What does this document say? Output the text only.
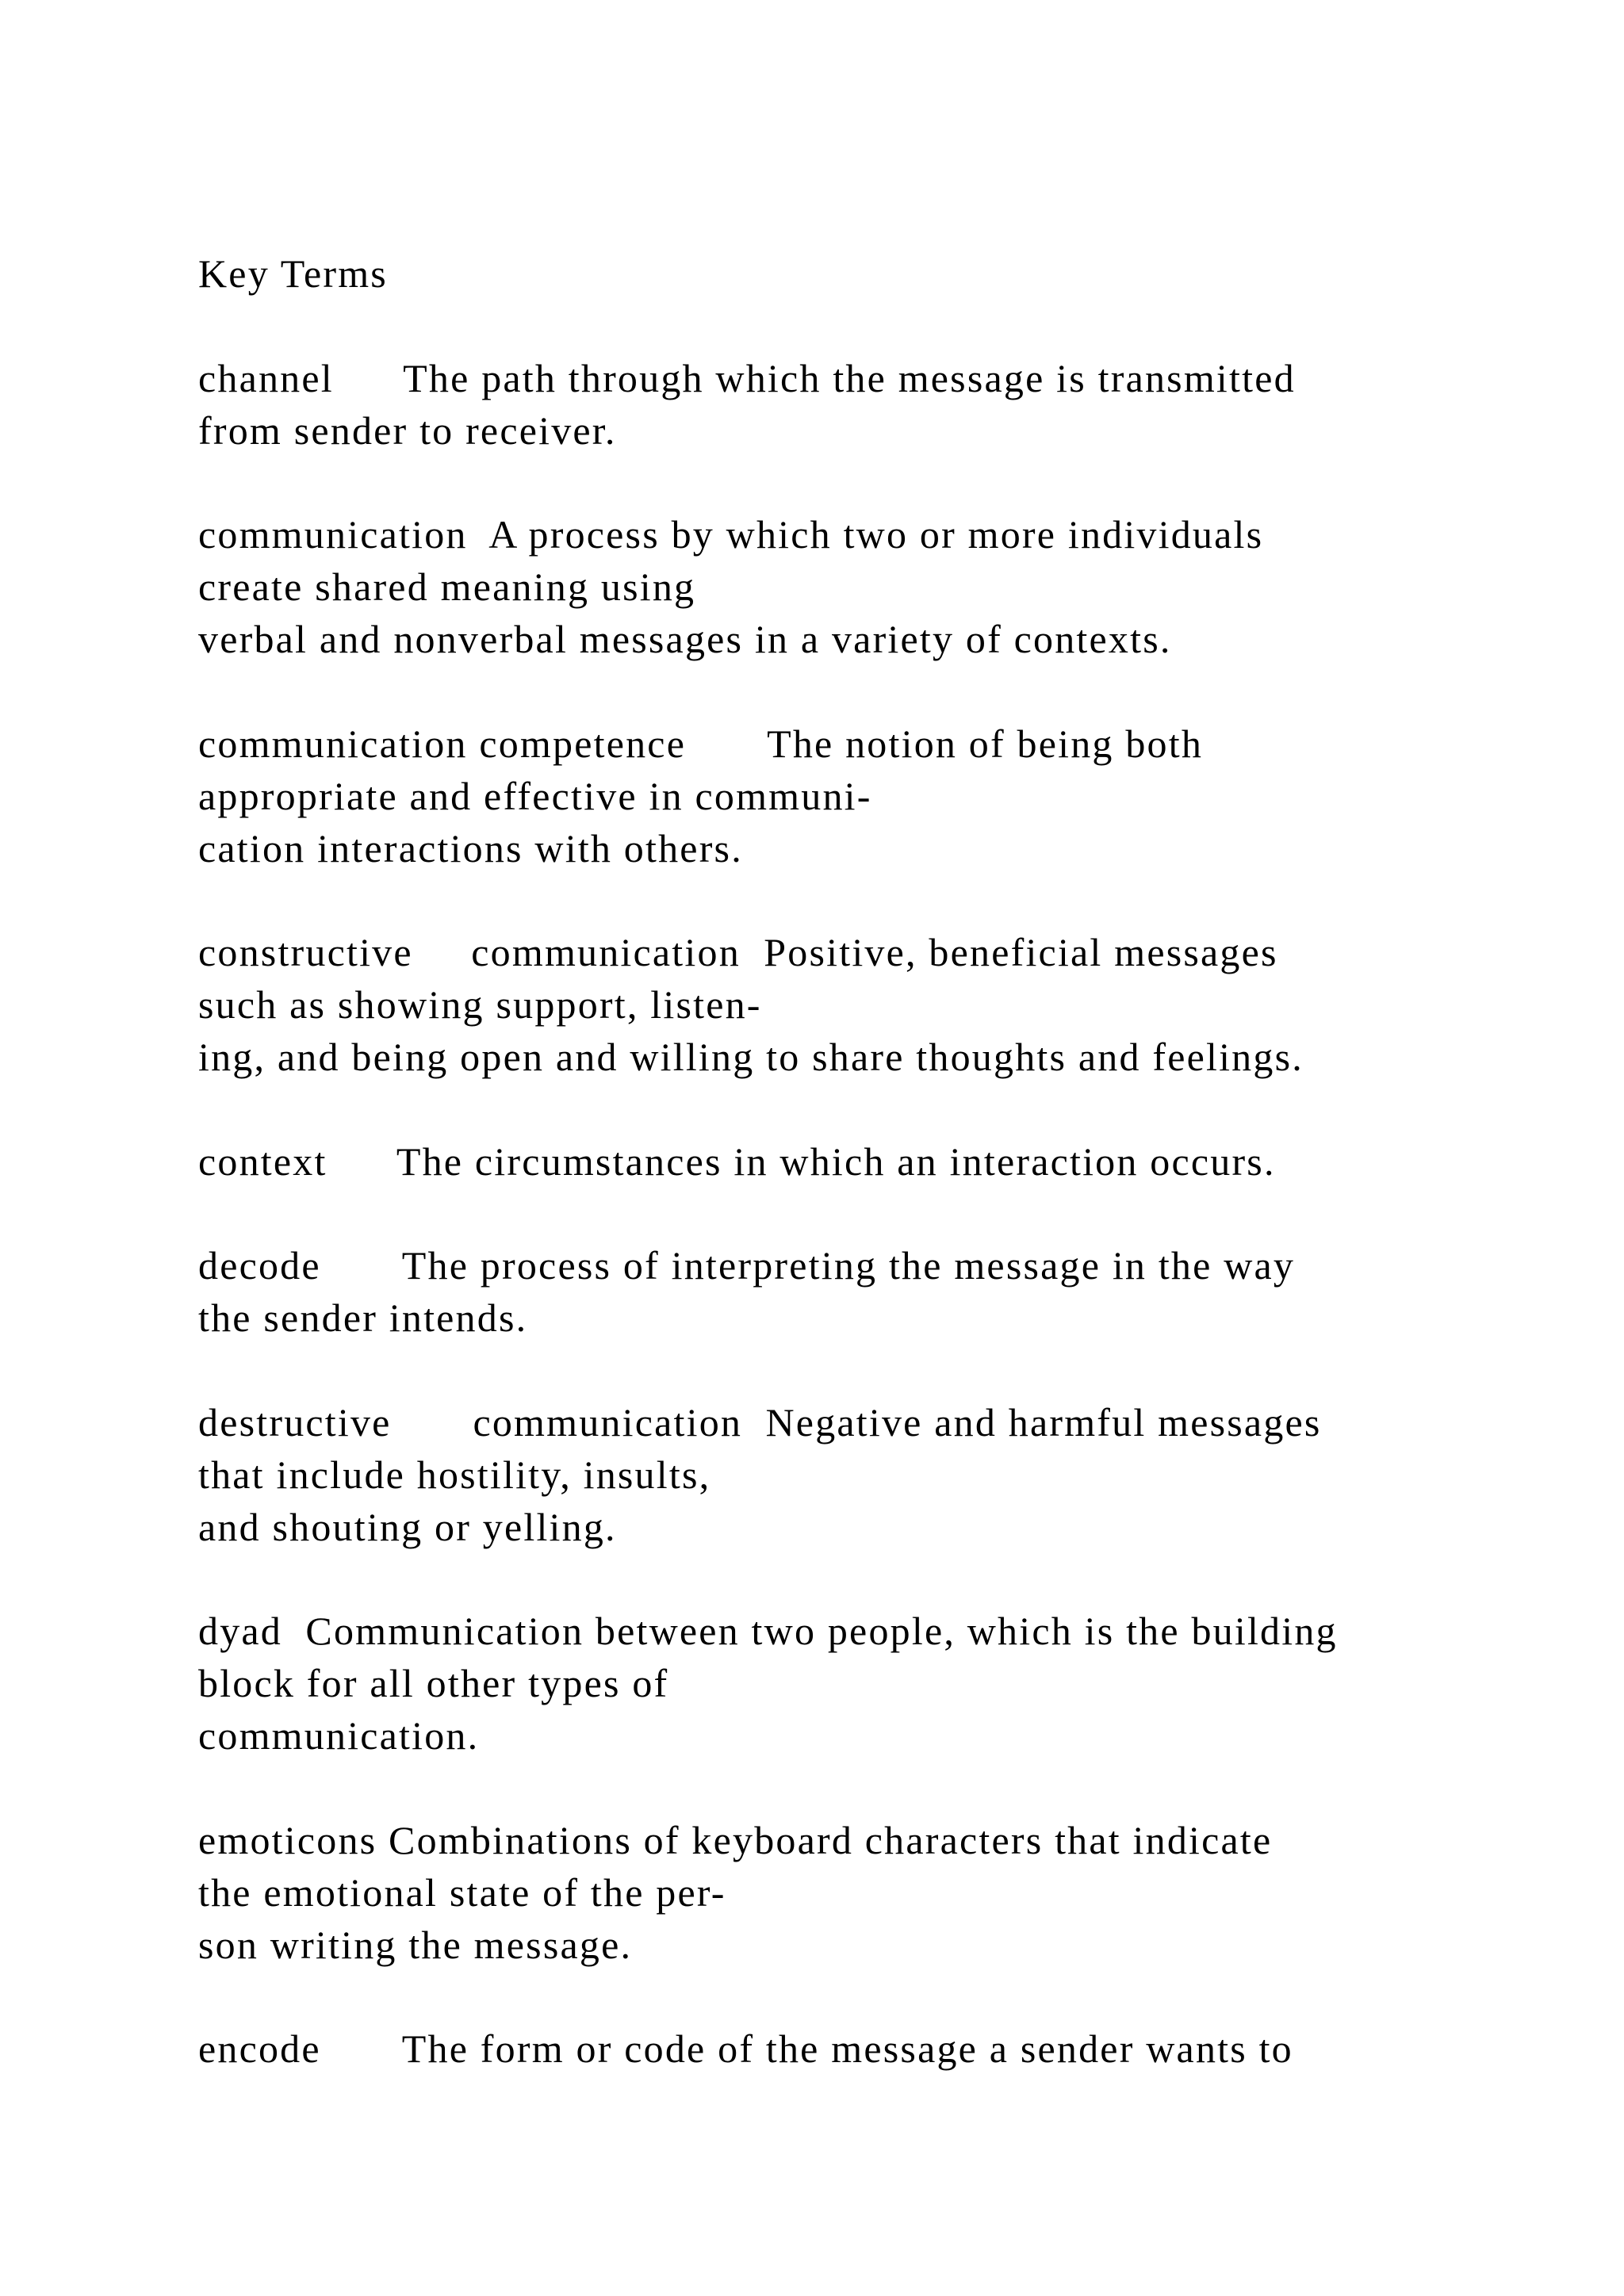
Key Terms

channel      The path through which the message is transmitted

from sender to receiver.

communication  A process by which two or more individuals

create shared meaning using

verbal and nonverbal messages in a variety of contexts.

communication competence       The notion of being both

appropriate and effective in communi-

cation interactions with others.

constructive     communication  Positive, beneficial messages

such as showing support, listen-

ing, and being open and willing to share thoughts and feelings.

context      The circumstances in which an interaction occurs.

decode       The process of interpreting the message in the way

the sender intends.

destructive       communication  Negative and harmful messages

that include hostility, insults,

and shouting or yelling.

dyad  Communication between two people, which is the building

block for all other types of

communication.

emoticons Combinations of keyboard characters that indicate

the emotional state of the per-

son writing the message.

encode       The form or code of the message a sender wants to
